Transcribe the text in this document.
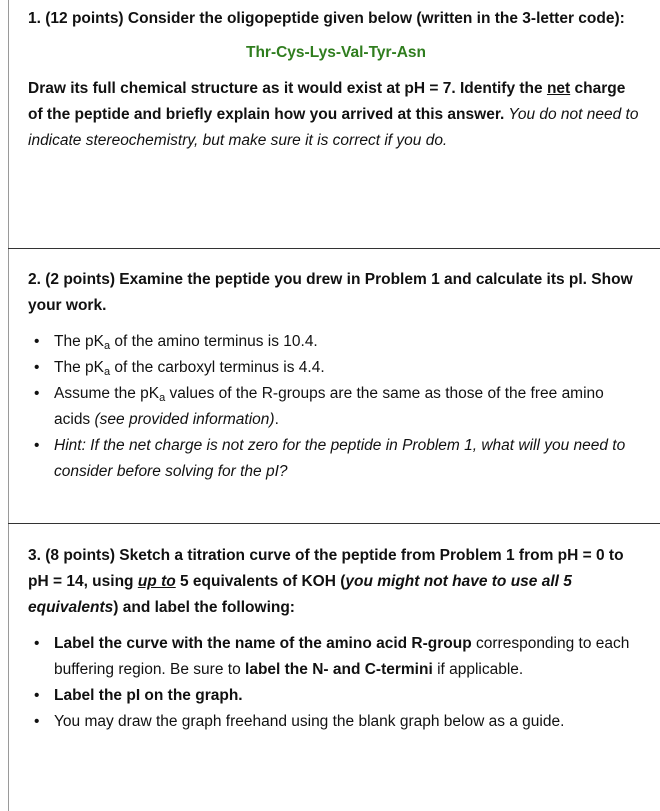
1. (12 points) Consider the oligopeptide given below (written in the 3-letter code):
Thr-Cys-Lys-Val-Tyr-Asn
Draw its full chemical structure as it would exist at pH = 7. Identify the net charge of the peptide and briefly explain how you arrived at this answer. You do not need to indicate stereochemistry, but make sure it is correct if you do.
2. (2 points) Examine the peptide you drew in Problem 1 and calculate its pI. Show your work.
• The $pK_a$ of the amino terminus is 10.4.
• The $pK_a$ of the carboxyl terminus is 4.4.
• Assume the $pK_a$ values of the R-groups are the same as those of the free amino acids (see provided information).
• Hint: If the net charge is not zero for the peptide in Problem 1, what will you need to consider before solving for the pI?
3. (8 points) Sketch a titration curve of the peptide from Problem 1 from pH = 0 to pH = 14, using up to 5 equivalents of KOH (you might not have to use all 5 equivalents) and label the following:
• Label the curve with the name of the amino acid R-group corresponding to each buffering region. Be sure to label the N- and C-termini if applicable.
• Label the pI on the graph.
• You may draw the graph freehand using the blank graph below as a guide.
